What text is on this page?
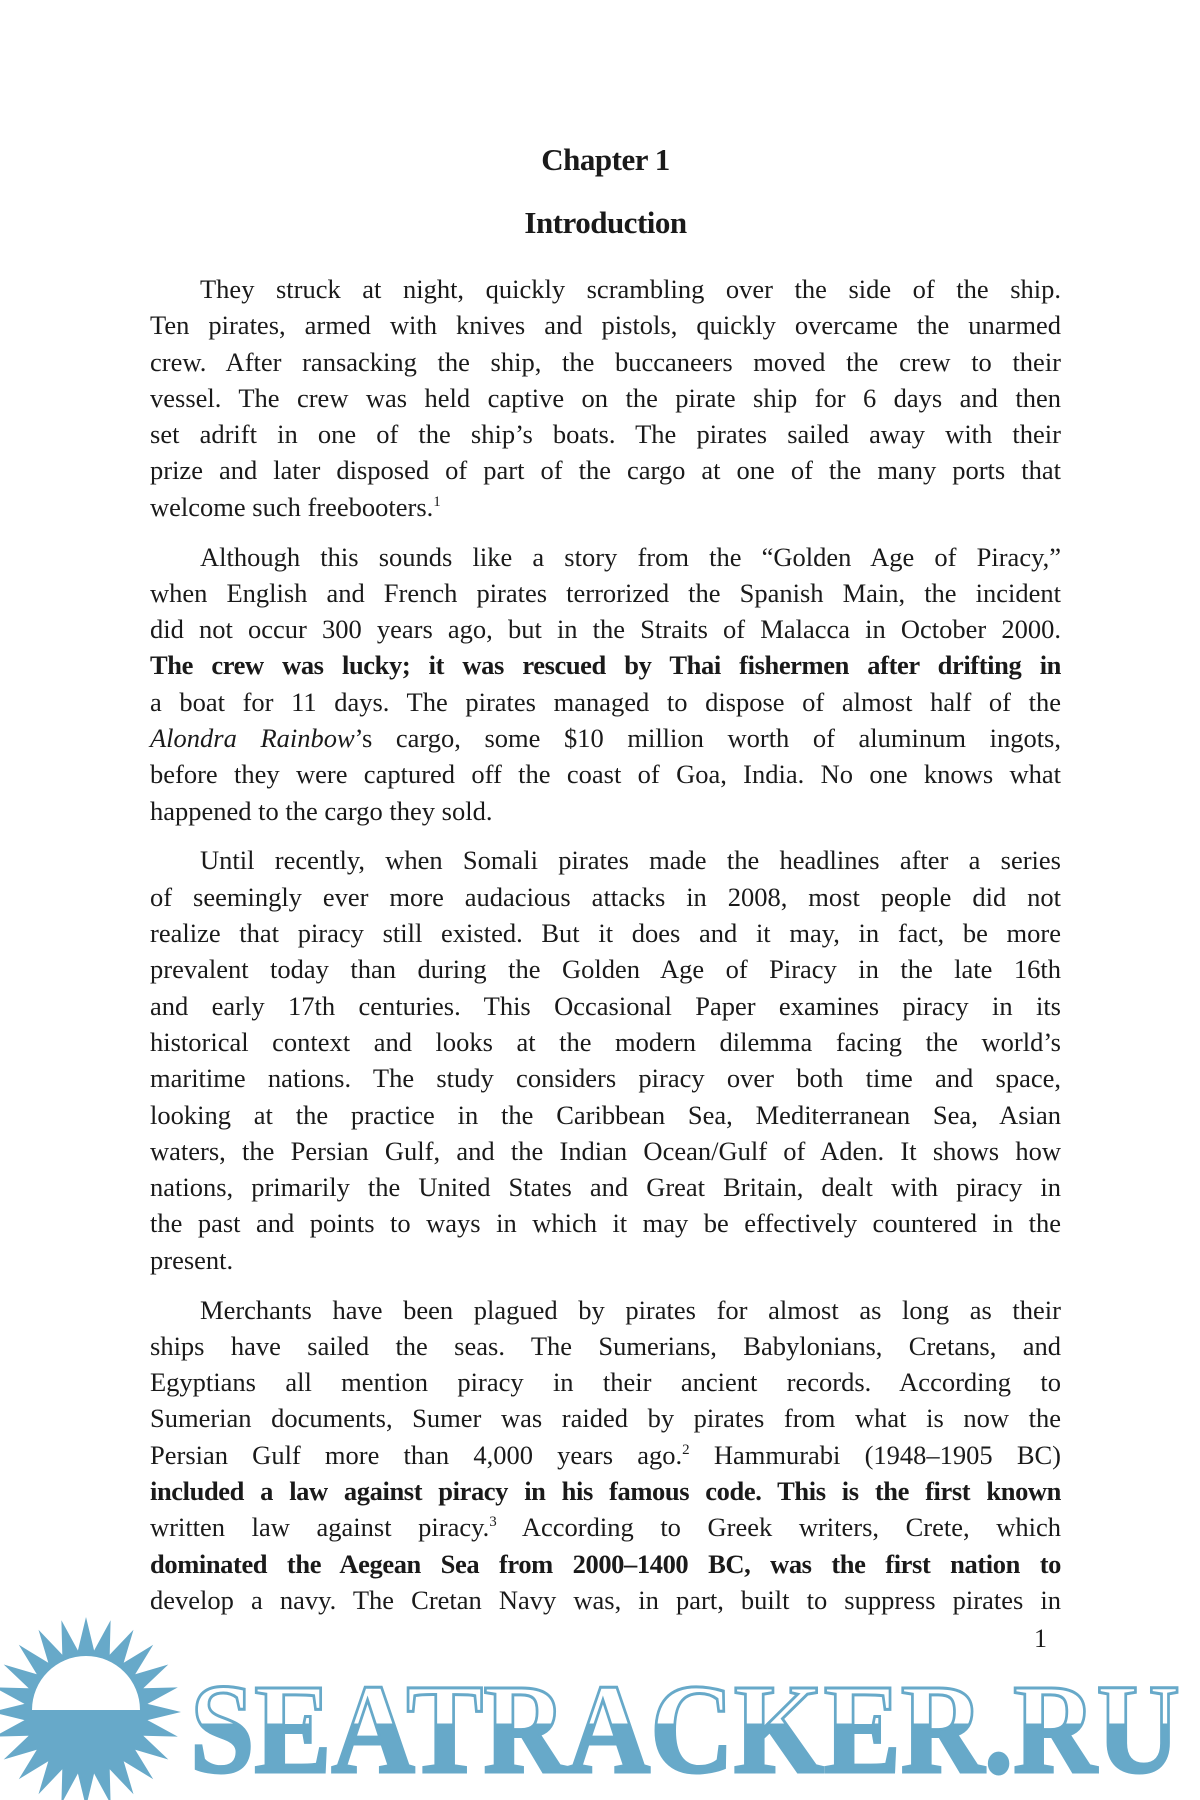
Chapter 1
Introduction
They struck at night, quickly scrambling over the side of the ship.
Ten pirates, armed with knives and pistols, quickly overcame the unarmed
crew. After ransacking the ship, the buccaneers moved the crew to their
vessel. The crew was held captive on the pirate ship for 6 days and then
set adrift in one of the ship’s boats. The pirates sailed away with their
prize and later disposed of part of the cargo at one of the many ports that
welcome such freebooters.$^1$
Although this sounds like a story from the “Golden Age of Piracy,”
when English and French pirates terrorized the Spanish Main, the incident
did not occur 300 years ago, but in the Straits of Malacca in October 2000.
The crew was lucky; it was rescued by Thai fishermen after drifting in
a boat for 11 days. The pirates managed to dispose of almost half of the
Alondra Rainbow’s cargo, some $10 million worth of aluminum ingots,
before they were captured off the coast of Goa, India. No one knows what
happened to the cargo they sold.
Until recently, when Somali pirates made the headlines after a series
of seemingly ever more audacious attacks in 2008, most people did not
realize that piracy still existed. But it does and it may, in fact, be more
prevalent today than during the Golden Age of Piracy in the late 16th
and early 17th centuries. This Occasional Paper examines piracy in its
historical context and looks at the modern dilemma facing the world’s
maritime nations. The study considers piracy over both time and space,
looking at the practice in the Caribbean Sea, Mediterranean Sea, Asian
waters, the Persian Gulf, and the Indian Ocean/Gulf of Aden. It shows how
nations, primarily the United States and Great Britain, dealt with piracy in
the past and points to ways in which it may be effectively countered in the
present.
Merchants have been plagued by pirates for almost as long as their
ships have sailed the seas. The Sumerians, Babylonians, Cretans, and
Egyptians all mention piracy in their ancient records. According to
Sumerian documents, Sumer was raided by pirates from what is now the
Persian Gulf more than 4,000 years ago.$^2$ Hammurabi (1948–1905 BC)
included a law against piracy in his famous code. This is the first known
written law against piracy.$^3$ According to Greek writers, Crete, which
dominated the Aegean Sea from 2000–1400 BC, was the first nation to
develop a navy. The Cretan Navy was, in part, built to suppress pirates in
1
SEATRACKER.RU
